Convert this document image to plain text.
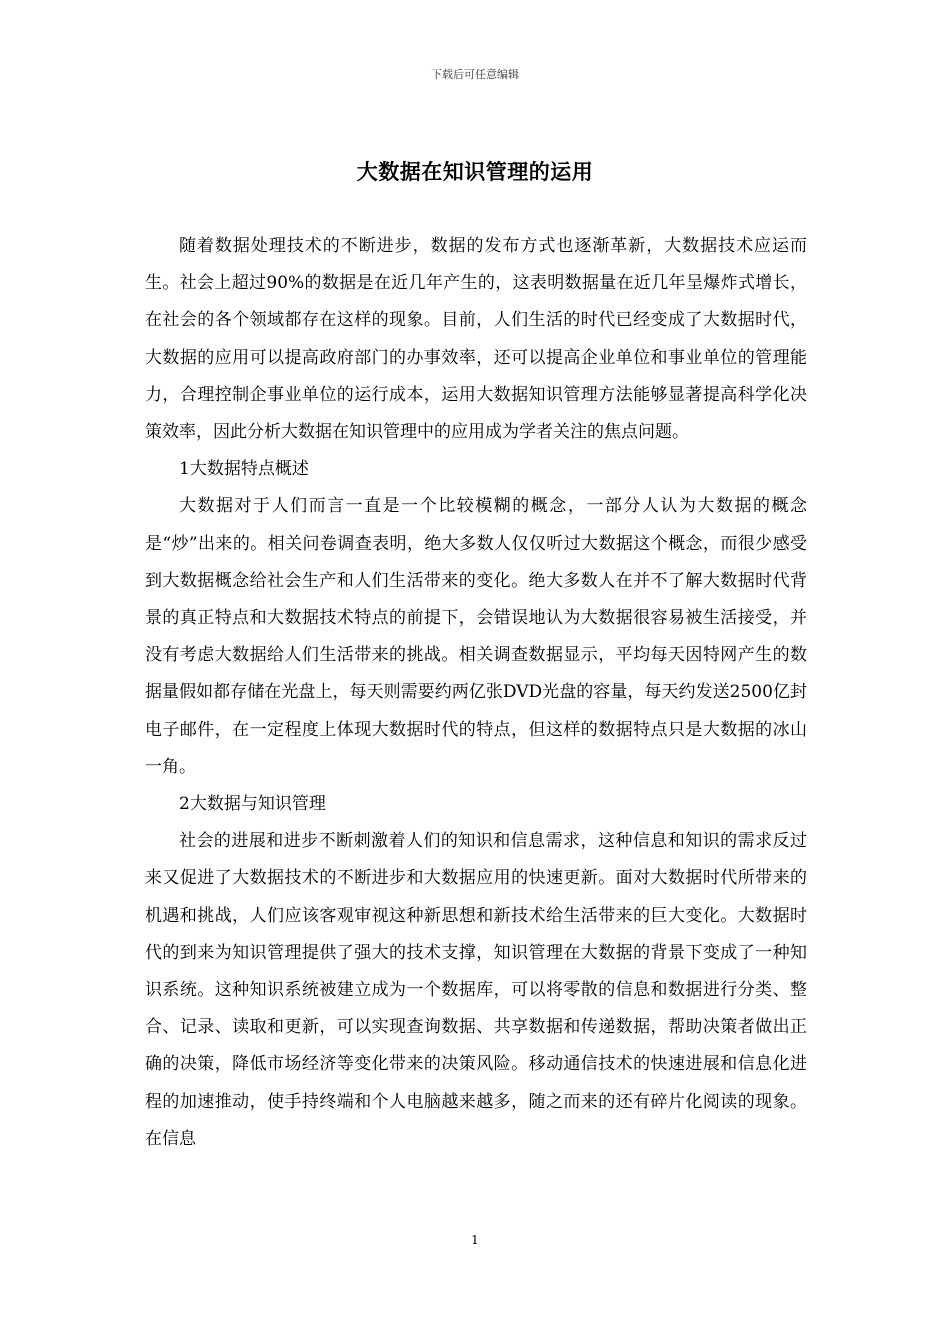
下载后可任意编辑
大数据在知识管理的运用

随着数据处理技术的不断进步，数据的发布方式也逐渐革新，大数据技术应运而生。社会上超过90%的数据是在近几年产生的，这表明数据量在近几年呈爆炸式增长，在社会的各个领域都存在这样的现象。目前，人们生活的时代已经变成了大数据时代，大数据的应用可以提高政府部门的办事效率，还可以提高企业单位和事业单位的管理能力，合理控制企事业单位的运行成本，运用大数据知识管理方法能够显著提高科学化决策效率，因此分析大数据在知识管理中的应用成为学者关注的焦点问题。

1大数据特点概述

大数据对于人们而言一直是一个比较模糊的概念，一部分人认为大数据的概念是“炒”出来的。相关问卷调查表明，绝大多数人仅仅听过大数据这个概念，而很少感受到大数据概念给社会生产和人们生活带来的变化。绝大多数人在并不了解大数据时代背景的真正特点和大数据技术特点的前提下，会错误地认为大数据很容易被生活接受，并没有考虑大数据给人们生活带来的挑战。相关调查数据显示，平均每天因特网产生的数据量假如都存储在光盘上，每天则需要约两亿张DVD光盘的容量，每天约发送2500亿封电子邮件，在一定程度上体现大数据时代的特点，但这样的数据特点只是大数据的冰山一角。

2大数据与知识管理

社会的进展和进步不断刺激着人们的知识和信息需求，这种信息和知识的需求反过来又促进了大数据技术的不断进步和大数据应用的快速更新。面对大数据时代所带来的机遇和挑战，人们应该客观审视这种新思想和新技术给生活带来的巨大变化。大数据时代的到来为知识管理提供了强大的技术支撑，知识管理在大数据的背景下变成了一种知识系统。这种知识系统被建立成为一个数据库，可以将零散的信息和数据进行分类、整合、记录、读取和更新，可以实现查询数据、共享数据和传递数据，帮助决策者做出正确的决策，降低市场经济等变化带来的决策风险。移动通信技术的快速进展和信息化进程的加速推动，使手持终端和个人电脑越来越多，随之而来的还有碎片化阅读的现象。在信息

1
